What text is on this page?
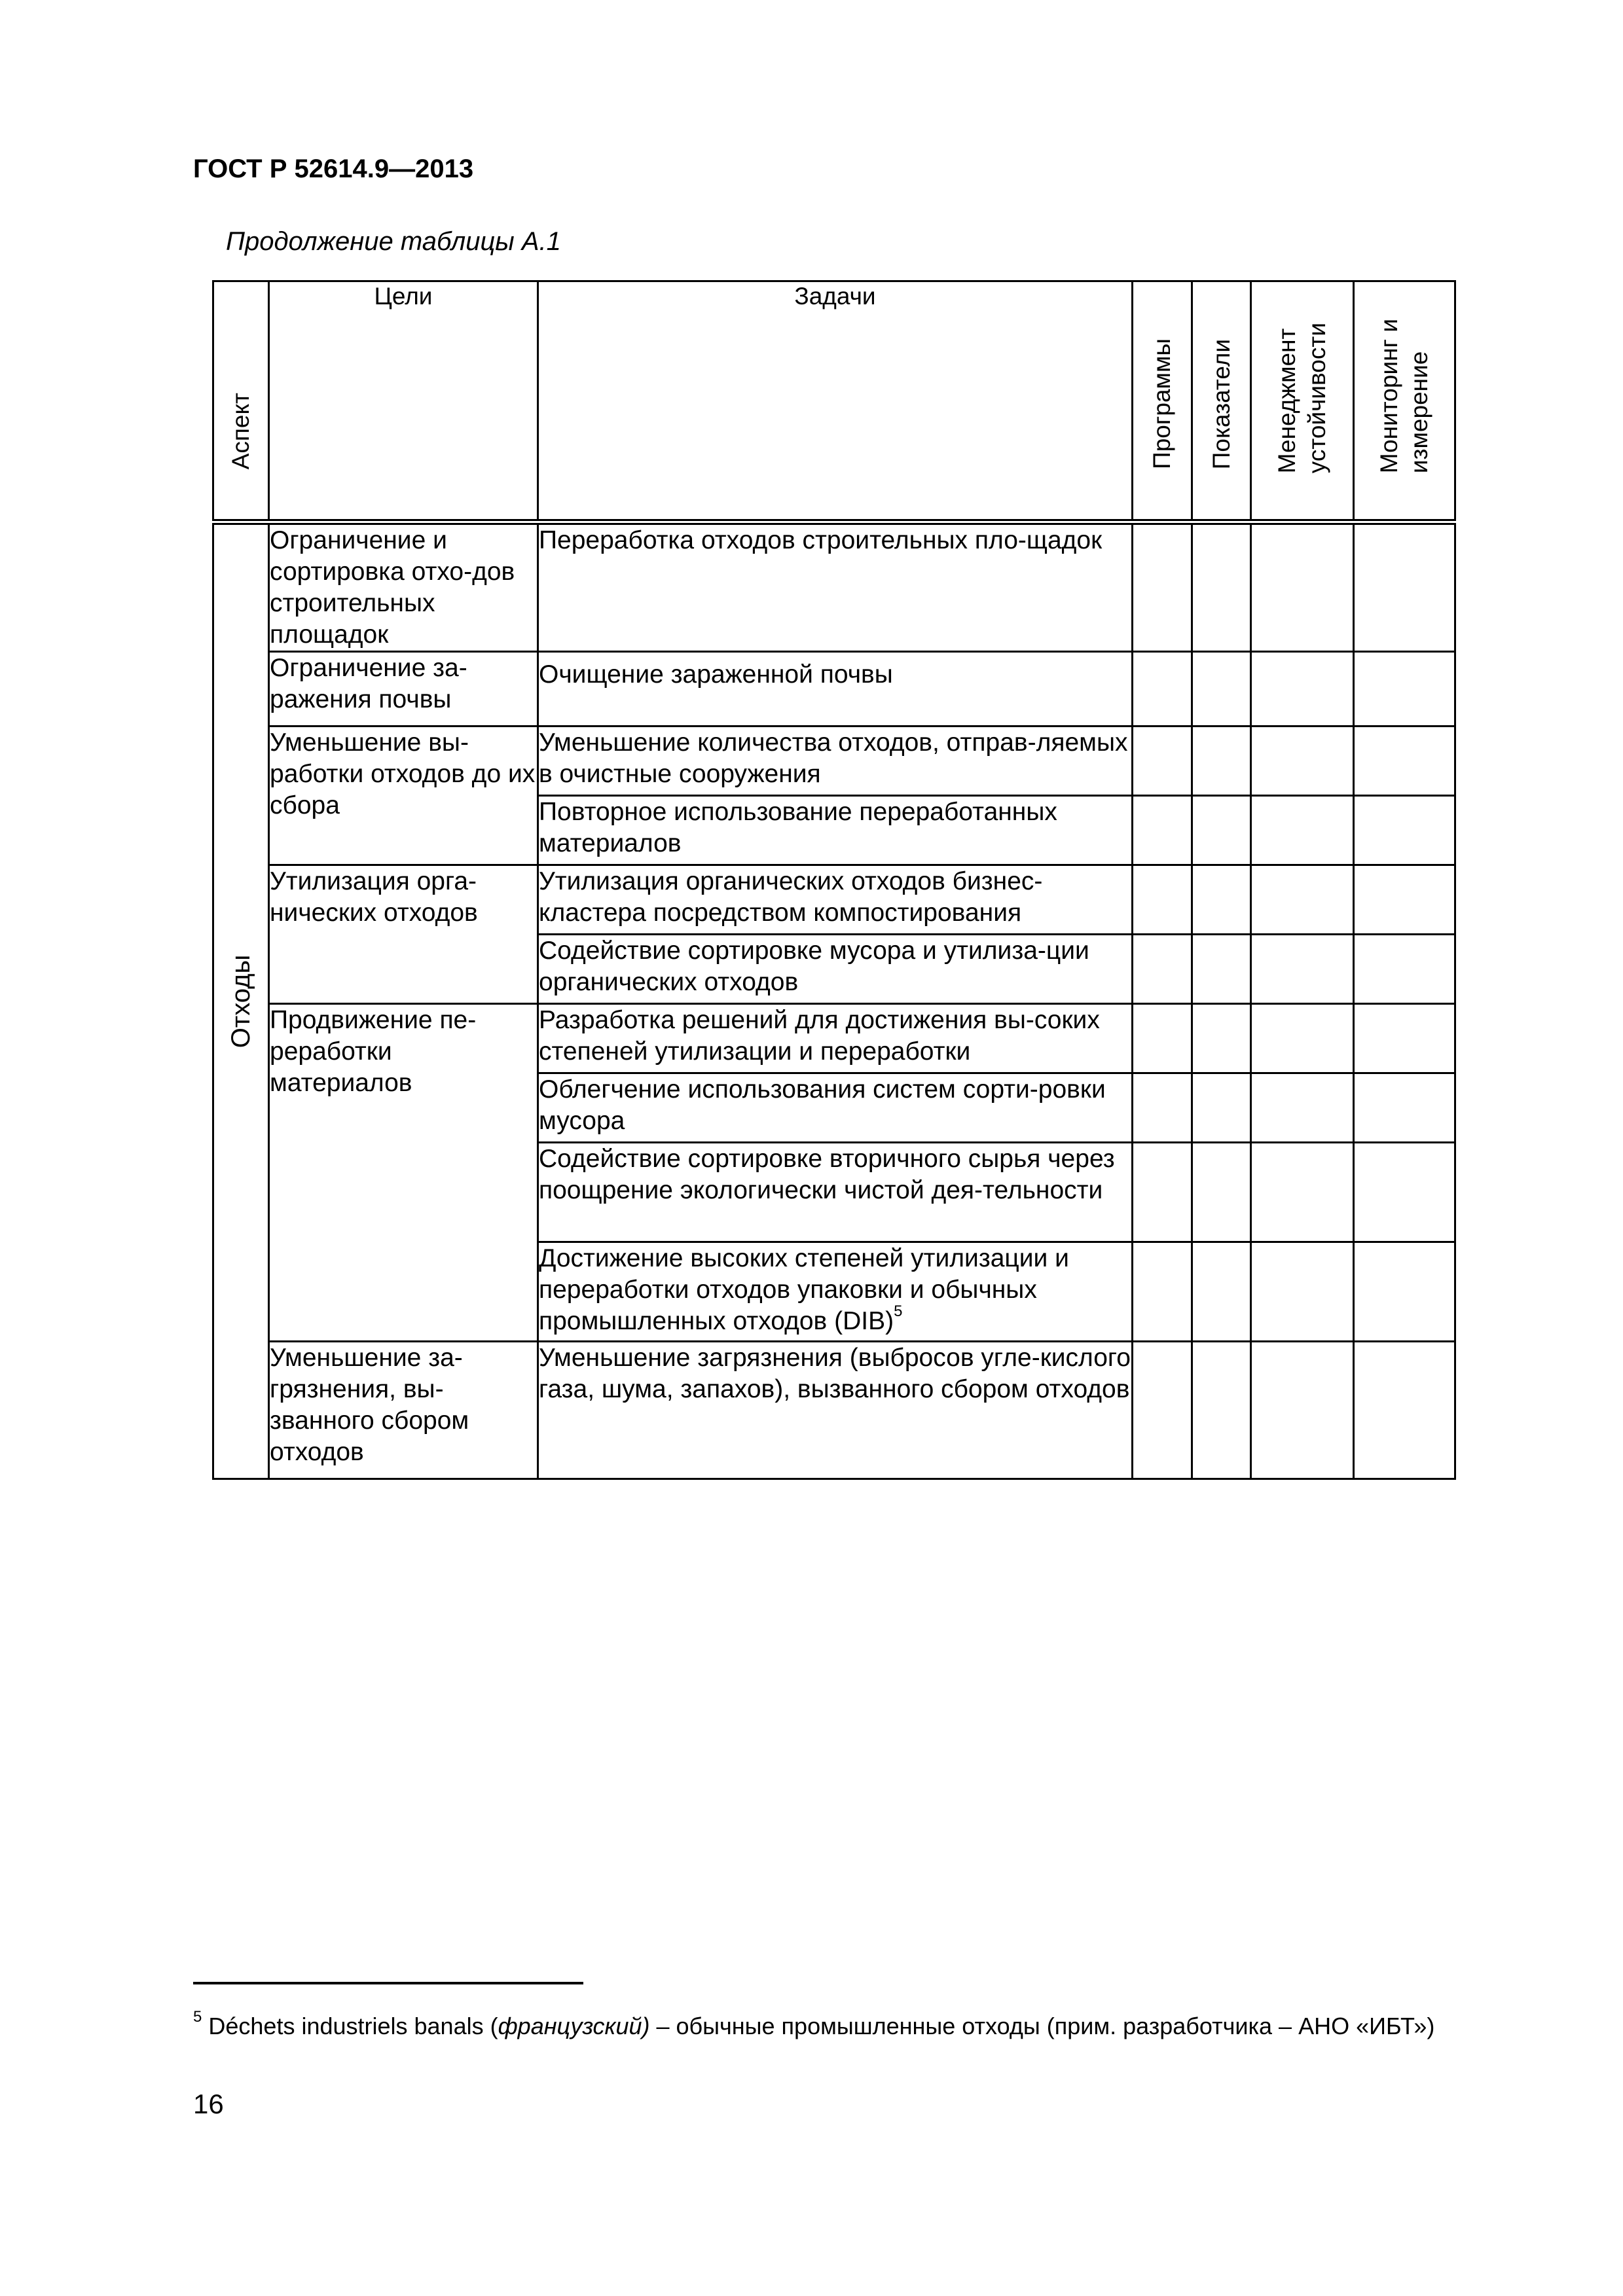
ГОСТ Р 52614.9—2013
Продолжение таблицы А.1
Аспект	Цели	Задачи	Программы	Показатели	Менеджмент устойчивости	Мониторинг и измерение

Отходы	Ограничение и сортировка отхо-дов строительных площадок	Переработка отходов строительных пло-щадок				
	Ограничение за-ражения почвы	Очищение зараженной почвы				
	Уменьшение вы-работки отходов до их сбора	Уменьшение количества отходов, отправ-ляемых в очистные сооружения				
		Повторное использование переработанных материалов				
	Утилизация орга-нических отходов	Утилизация органических отходов бизнес-кластера посредством компостирования				
		Содействие сортировке мусора и утилиза-ции органических отходов				
	Продвижение пе-реработки материалов	Разработка решений для достижения вы-соких степеней утилизации и переработки				
		Облегчение использования систем сорти-ровки мусора				
		Содействие сортировке вторичного сырья через поощрение экологически чистой дея-тельности				
		Достижение высоких степеней утилизации и переработки отходов упаковки и обычных промышленных отходов (DIB)$^5$				
	Уменьшение за-грязнения, вы-званного сбором отходов	Уменьшение загрязнения (выбросов угле-кислого газа, шума, запахов), вызванного сбором отходов				
$^5$ Déchets industriels banals (французский) – обычные промышленные отходы (прим. разработчика – АНО «ИБТ»)
16
